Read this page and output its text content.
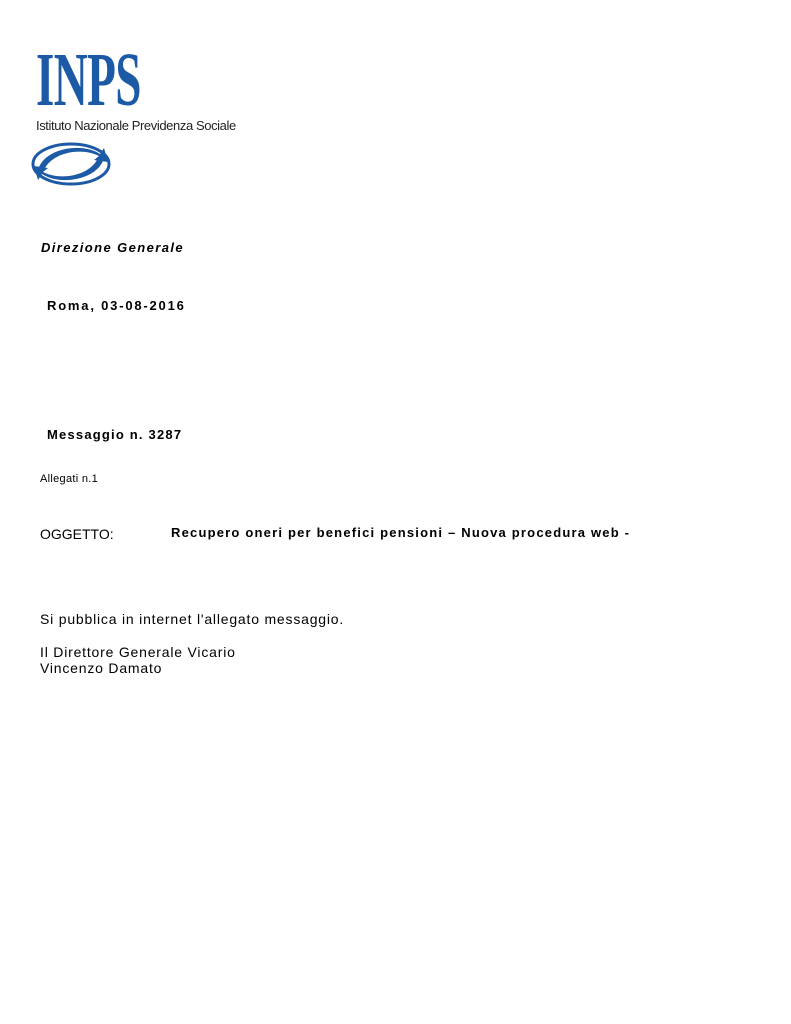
INPS
Istituto Nazionale Previdenza Sociale
Direzione Generale
Roma, 03-08-2016
Messaggio n. 3287
Allegati n.1
OGGETTO:	Recupero oneri per benefici pensioni – Nuova procedura web -
Si pubblica in internet l'allegato messaggio.
Il Direttore Generale Vicario
Vincenzo Damato
